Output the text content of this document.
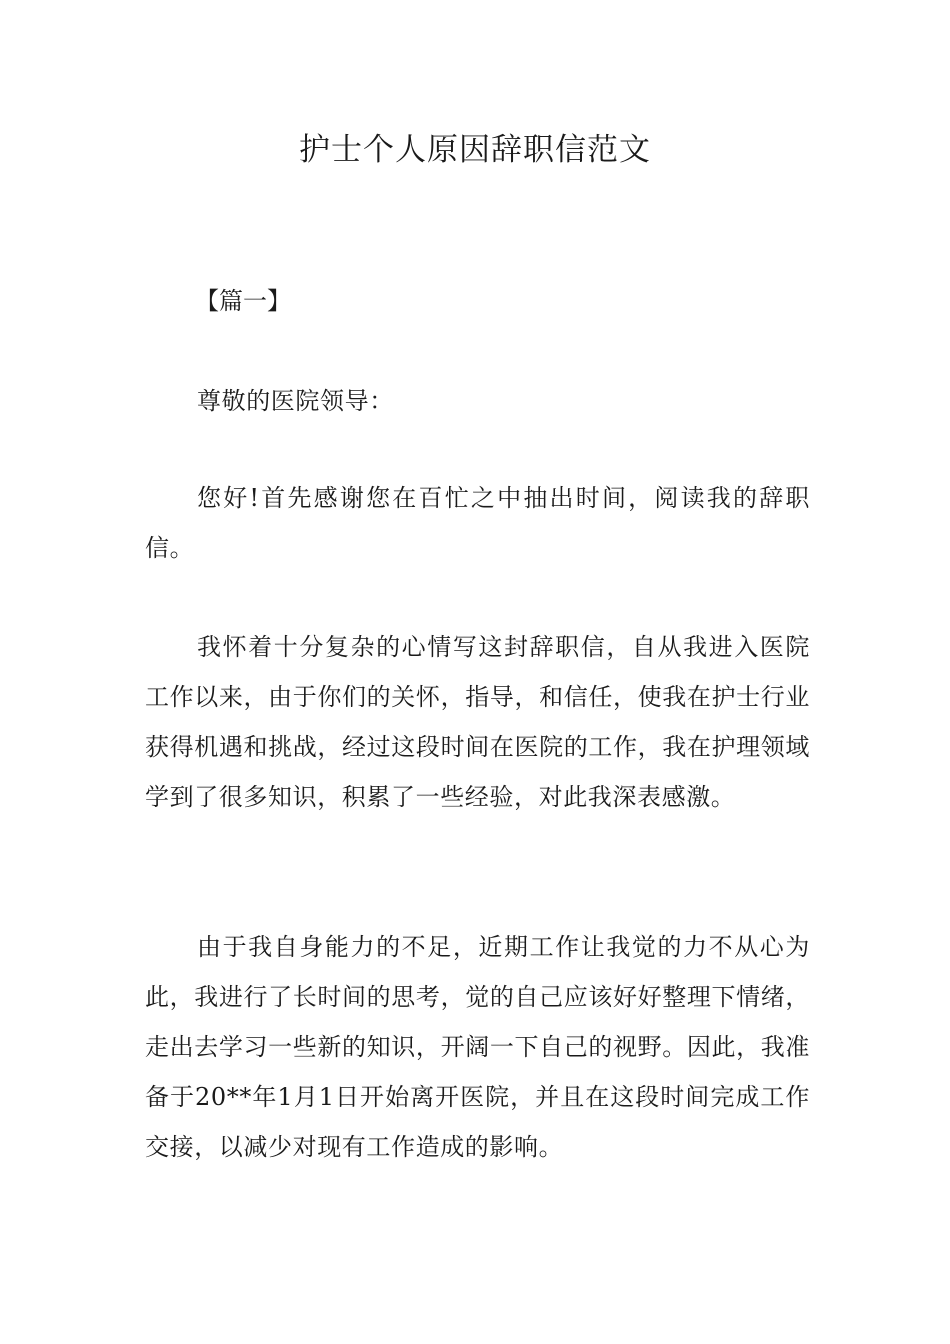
护士个人原因辞职信范文

【篇一】

尊敬的医院领导：

您好!首先感谢您在百忙之中抽出时间，阅读我的辞职信。

我怀着十分复杂的心情写这封辞职信，自从我进入医院工作以来，由于你们的关怀，指导，和信任，使我在护士行业获得机遇和挑战，经过这段时间在医院的工作，我在护理领域学到了很多知识，积累了一些经验，对此我深表感激。

由于我自身能力的不足，近期工作让我觉的力不从心为此，我进行了长时间的思考，觉的自己应该好好整理下情绪，走出去学习一些新的知识，开阔一下自己的视野。因此，我准备于20**年1月1日开始离开医院，并且在这段时间完成工作交接，以减少对现有工作造成的影响。
